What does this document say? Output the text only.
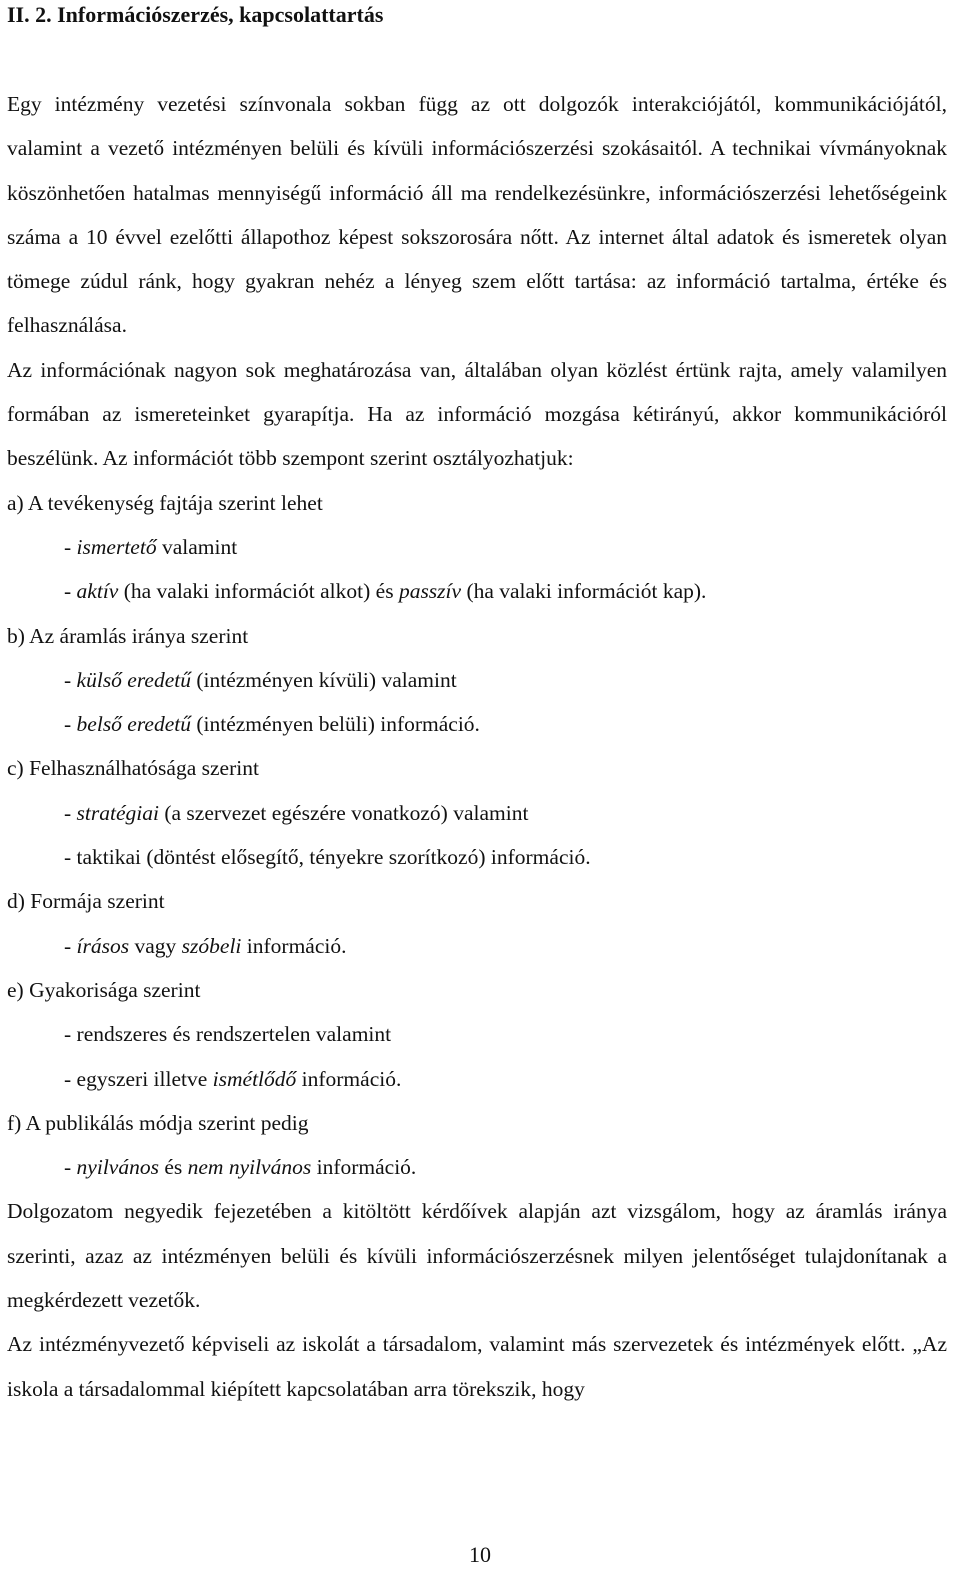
II. 2. Információszerzés, kapcsolattartás

Egy intézmény vezetési színvonala sokban függ az ott dolgozók interakciójától, kommunikációjától, valamint a vezető intézményen belüli és kívüli információszerzési szokásaitól. A technikai vívmányoknak köszönhetően hatalmas mennyiségű információ áll ma rendelkezésünkre, információszerzési lehetőségeink száma a 10 évvel ezelőtti állapothoz képest sokszorosára nőtt. Az internet által adatok és ismeretek olyan tömege zúdul ránk, hogy gyakran nehéz a lényeg szem előtt tartása: az információ tartalma, értéke és felhasználása.

Az információnak nagyon sok meghatározása van, általában olyan közlést értünk rajta, amely valamilyen formában az ismereteinket gyarapítja. Ha az információ mozgása kétirányú, akkor kommunikációról beszélünk. Az információt több szempont szerint osztályozhatjuk:

a) A tevékenység fajtája szerint lehet

- ismertető valamint

- aktív (ha valaki információt alkot) és passzív (ha valaki információt kap).

b) Az áramlás iránya szerint

- külső eredetű (intézményen kívüli) valamint

- belső eredetű (intézményen belüli) információ.

c) Felhasználhatósága szerint

- stratégiai (a szervezet egészére vonatkozó) valamint

- taktikai (döntést elősegítő, tényekre szorítkozó) információ.

d) Formája szerint

- írásos vagy szóbeli információ.

e) Gyakorisága szerint

- rendszeres és rendszertelen valamint

- egyszeri illetve ismétlődő információ.

f) A publikálás módja szerint pedig

- nyilvános és nem nyilvános információ.

Dolgozatom negyedik fejezetében a kitöltött kérdőívek alapján azt vizsgálom, hogy az áramlás iránya szerinti, azaz az intézményen belüli és kívüli információszerzésnek milyen jelentőséget tulajdonítanak a megkérdezett vezetők.

Az intézményvezető képviseli az iskolát a társadalom, valamint más szervezetek és intézmények előtt. „Az iskola a társadalommal kiépített kapcsolatában arra törekszik, hogy

10
